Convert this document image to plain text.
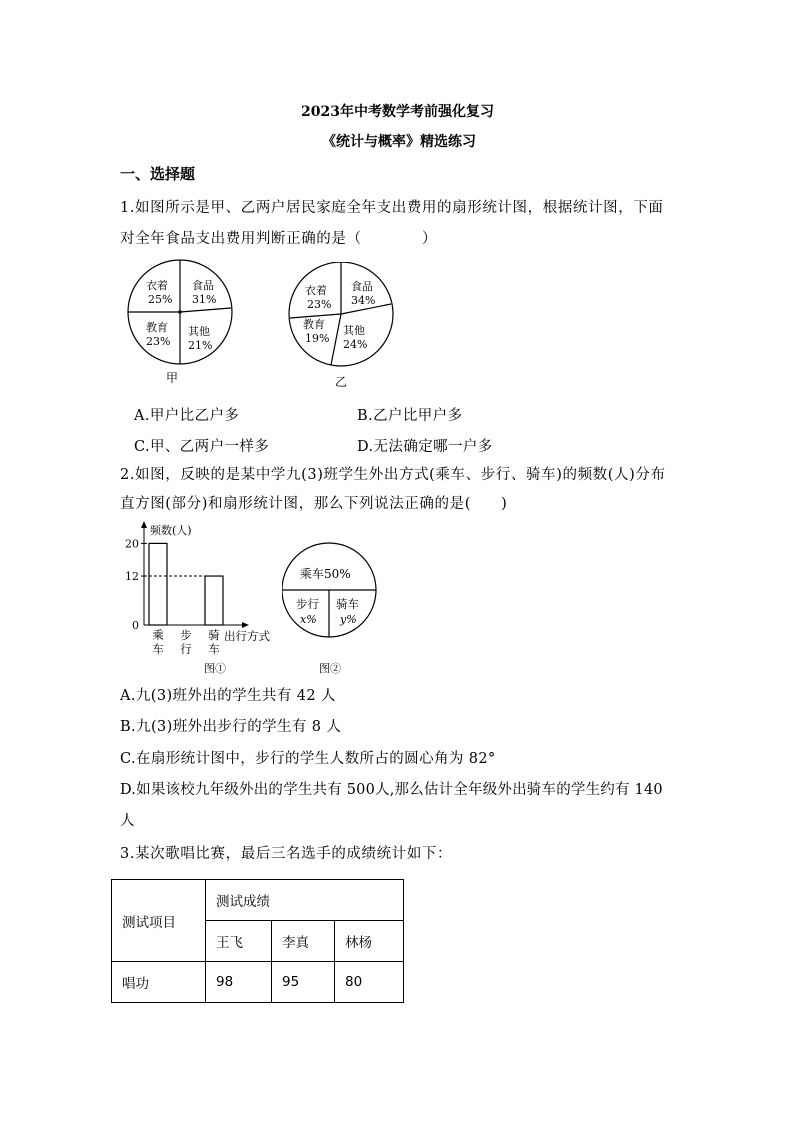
2023年中考数学考前强化复习
《统计与概率》精选练习
一、选择题
1.如图所示是甲、乙两户居民家庭全年支出费用的扇形统计图，根据统计图，下面
对全年食品支出费用判断正确的是（　　　　）
衣着
25%
食品
31%
教育
23%
其他
21%
甲
衣着
23%
食品
34%
教育
19%
其他
24%
乙
A.甲户比乙户多	B.乙户比甲户多
C.甲、乙两户一样多	D.无法确定哪一户多
2.如图，反映的是某中学九(3)班学生外出方式(乘车、步行、骑车)的频数(人)分布
直方图(部分)和扇形统计图，那么下列说法正确的是(　　)
频数(人)
出行方式
图①
0
12
20
乘
车
步
行
骑
车
乘车50%
步行
x%
骑车
y%
图②
A.九(3)班外出的学生共有 42 人
B.九(3)班外出步行的学生有 8 人
C.在扇形统计图中，步行的学生人数所占的圆心角为 82°
D.如果该校九年级外出的学生共有 500人,那么估计全年级外出骑车的学生约有 140
人
3.某次歌唱比赛，最后三名选手的成绩统计如下：
测试项目	测试成绩		
	王飞	李真	林杨
唱功	98	95	80
